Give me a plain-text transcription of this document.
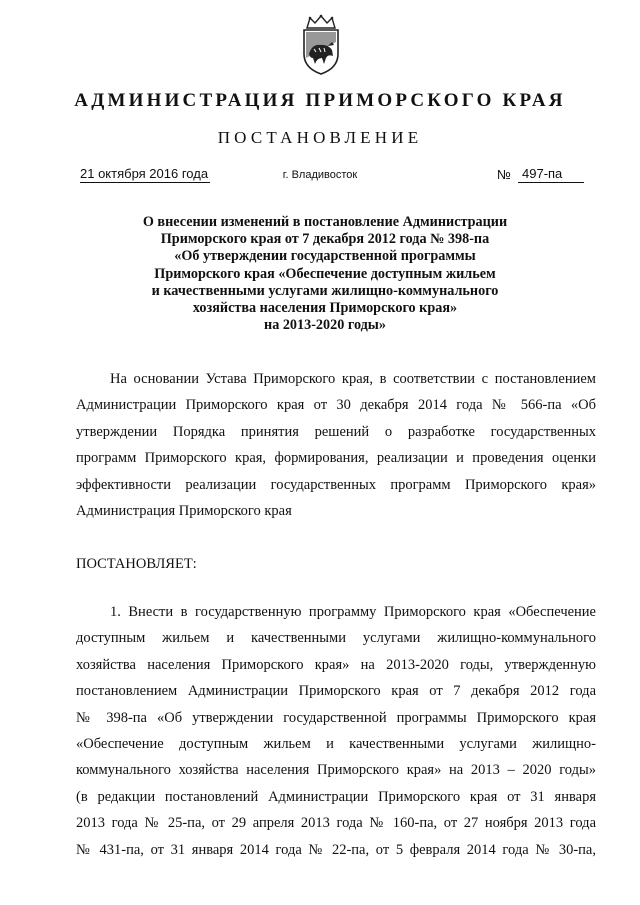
АДМИНИСТРАЦИЯ ПРИМОРСКОГО КРАЯ
ПОСТАНОВЛЕНИЕ
21 октября 2016 года	г. Владивосток	№ 497-па
О внесении изменений в постановление Администрации
Приморского края от 7 декабря 2012 года № 398-па
«Об утверждении государственной программы
Приморского края «Обеспечение доступным жильем
и качественными услугами жилищно-коммунального
хозяйства населения Приморского края»
на 2013-2020 годы»
На основании Устава Приморского края, в соответствии с постановлением
Администрации Приморского края от 30 декабря 2014 года № 566-па «Об
утверждении Порядка принятия решений о разработке государственных
программ Приморского края, формирования, реализации и проведения оценки
эффективности реализации государственных программ Приморского края»
Администрация Приморского края
ПОСТАНОВЛЯЕТ:
1. Внести в государственную программу Приморского края «Обеспечение
доступным жильем и качественными услугами жилищно-коммунального
хозяйства населения Приморского края» на 2013-2020 годы, утвержденную
постановлением Администрации Приморского края от 7 декабря 2012 года
№ 398-па «Об утверждении государственной программы Приморского края
«Обеспечение доступным жильем и качественными услугами жилищно-
коммунального хозяйства населения Приморского края» на 2013 – 2020 годы»
(в редакции постановлений Администрации Приморского края от 31 января
2013 года № 25-па, от 29 апреля 2013 года № 160-па, от 27 ноября 2013 года
№ 431-па, от 31 января 2014 года № 22-па, от 5 февраля 2014 года № 30-па,
